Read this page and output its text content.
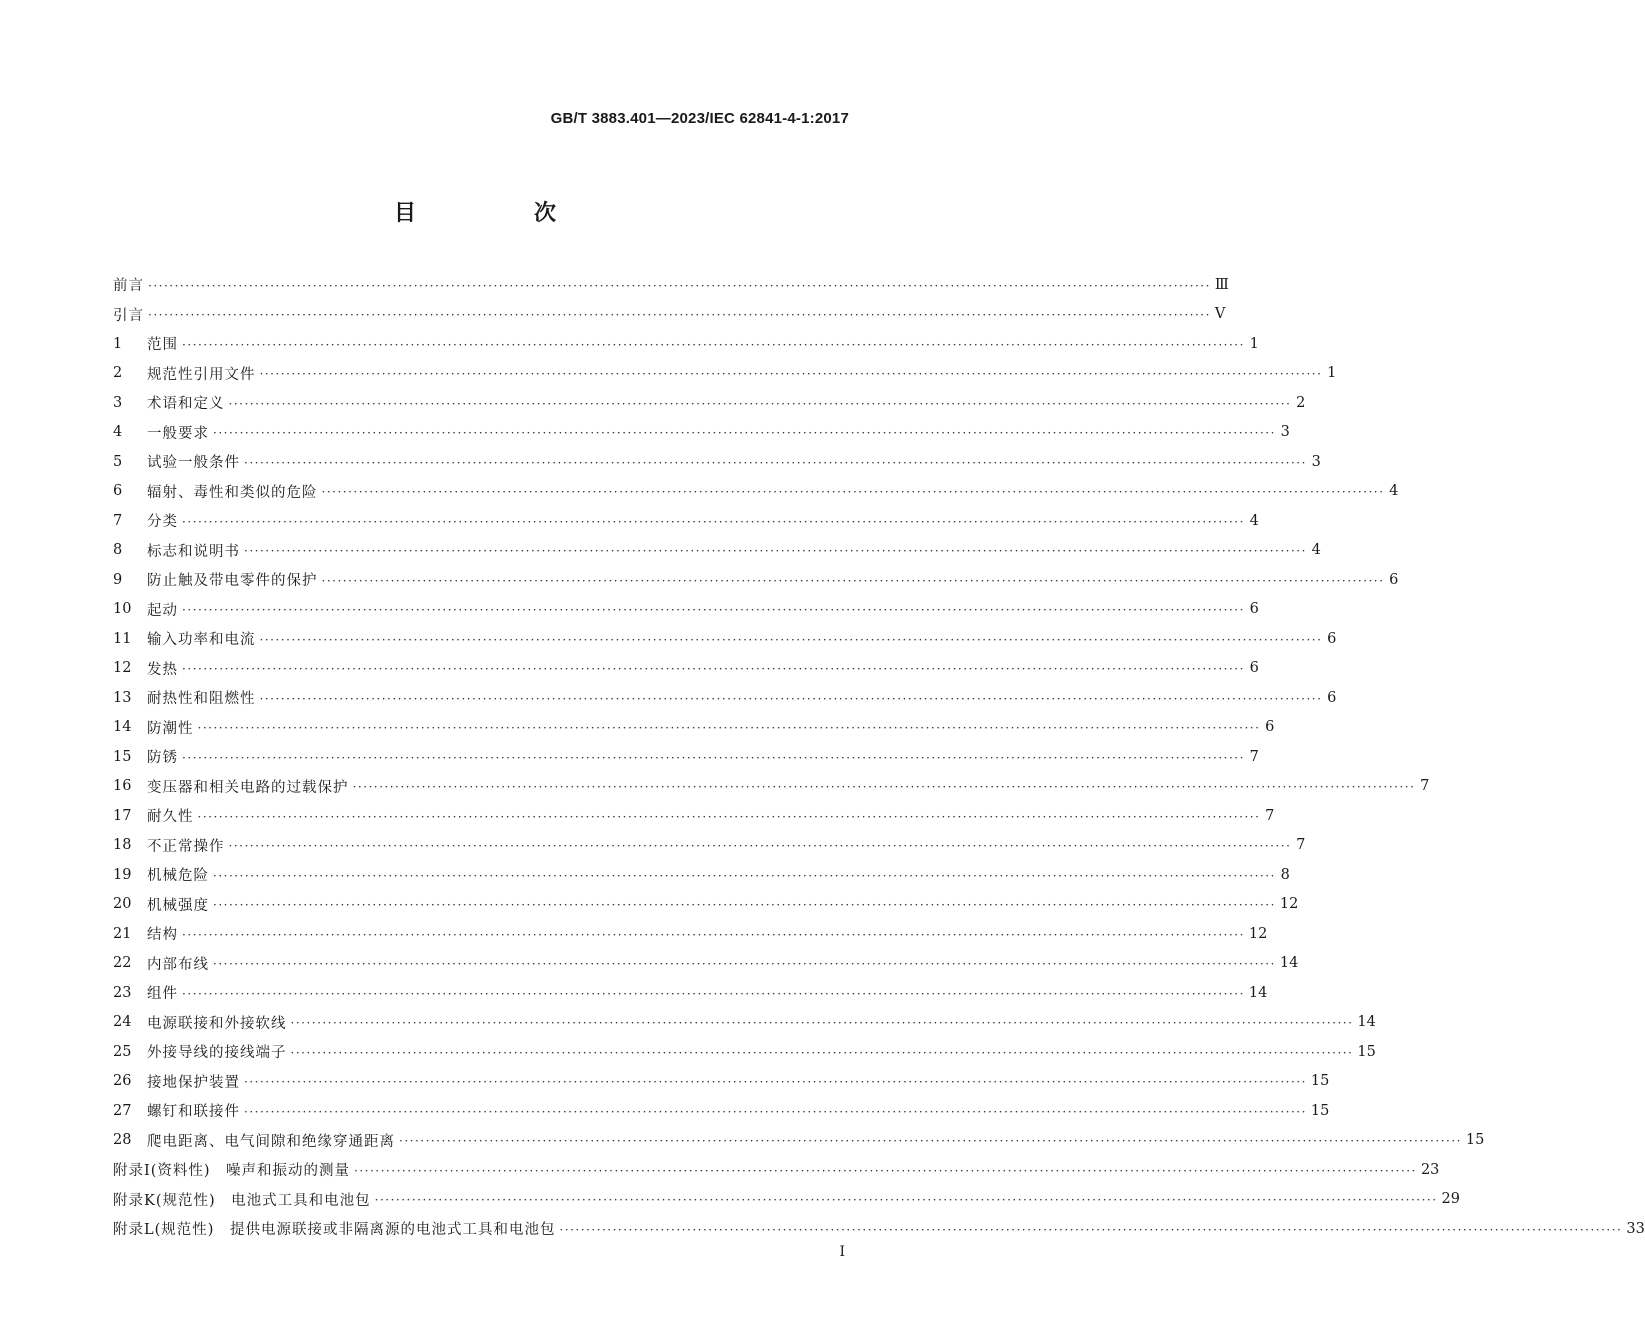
GB/T 3883.401—2023/IEC 62841-4-1:2017
目　次
前言 ········································································································································································································ Ⅲ
引言 ········································································································································································································ Ⅴ
1	范围 ········································································································································································································ 1
2	规范性引用文件 ········································································································································································································ 1
3	术语和定义 ········································································································································································································ 2
4	一般要求 ········································································································································································································ 3
5	试验一般条件 ········································································································································································································ 3
6	辐射、毒性和类似的危险 ········································································································································································································ 4
7	分类 ········································································································································································································ 4
8	标志和说明书 ········································································································································································································ 4
9	防止触及带电零件的保护 ········································································································································································································ 6
10	起动 ········································································································································································································ 6
11	输入功率和电流 ········································································································································································································ 6
12	发热 ········································································································································································································ 6
13	耐热性和阻燃性 ········································································································································································································ 6
14	防潮性 ········································································································································································································ 6
15	防锈 ········································································································································································································ 7
16	变压器和相关电路的过载保护 ········································································································································································································ 7
17	耐久性 ········································································································································································································ 7
18	不正常操作 ········································································································································································································ 7
19	机械危险 ········································································································································································································ 8
20	机械强度 ········································································································································································································ 12
21	结构 ········································································································································································································ 12
22	内部布线 ········································································································································································································ 14
23	组件 ········································································································································································································ 14
24	电源联接和外接软线 ········································································································································································································ 14
25	外接导线的接线端子 ········································································································································································································ 15
26	接地保护装置 ········································································································································································································ 15
27	螺钉和联接件 ········································································································································································································ 15
28	爬电距离、电气间隙和绝缘穿通距离 ········································································································································································································ 15
附录Ⅰ(资料性)　噪声和振动的测量 ········································································································································································································ 23
附录K(规范性)　电池式工具和电池包 ········································································································································································································ 29
附录L(规范性)　提供电源联接或非隔离源的电池式工具和电池包 ········································································································································································································ 33
I
